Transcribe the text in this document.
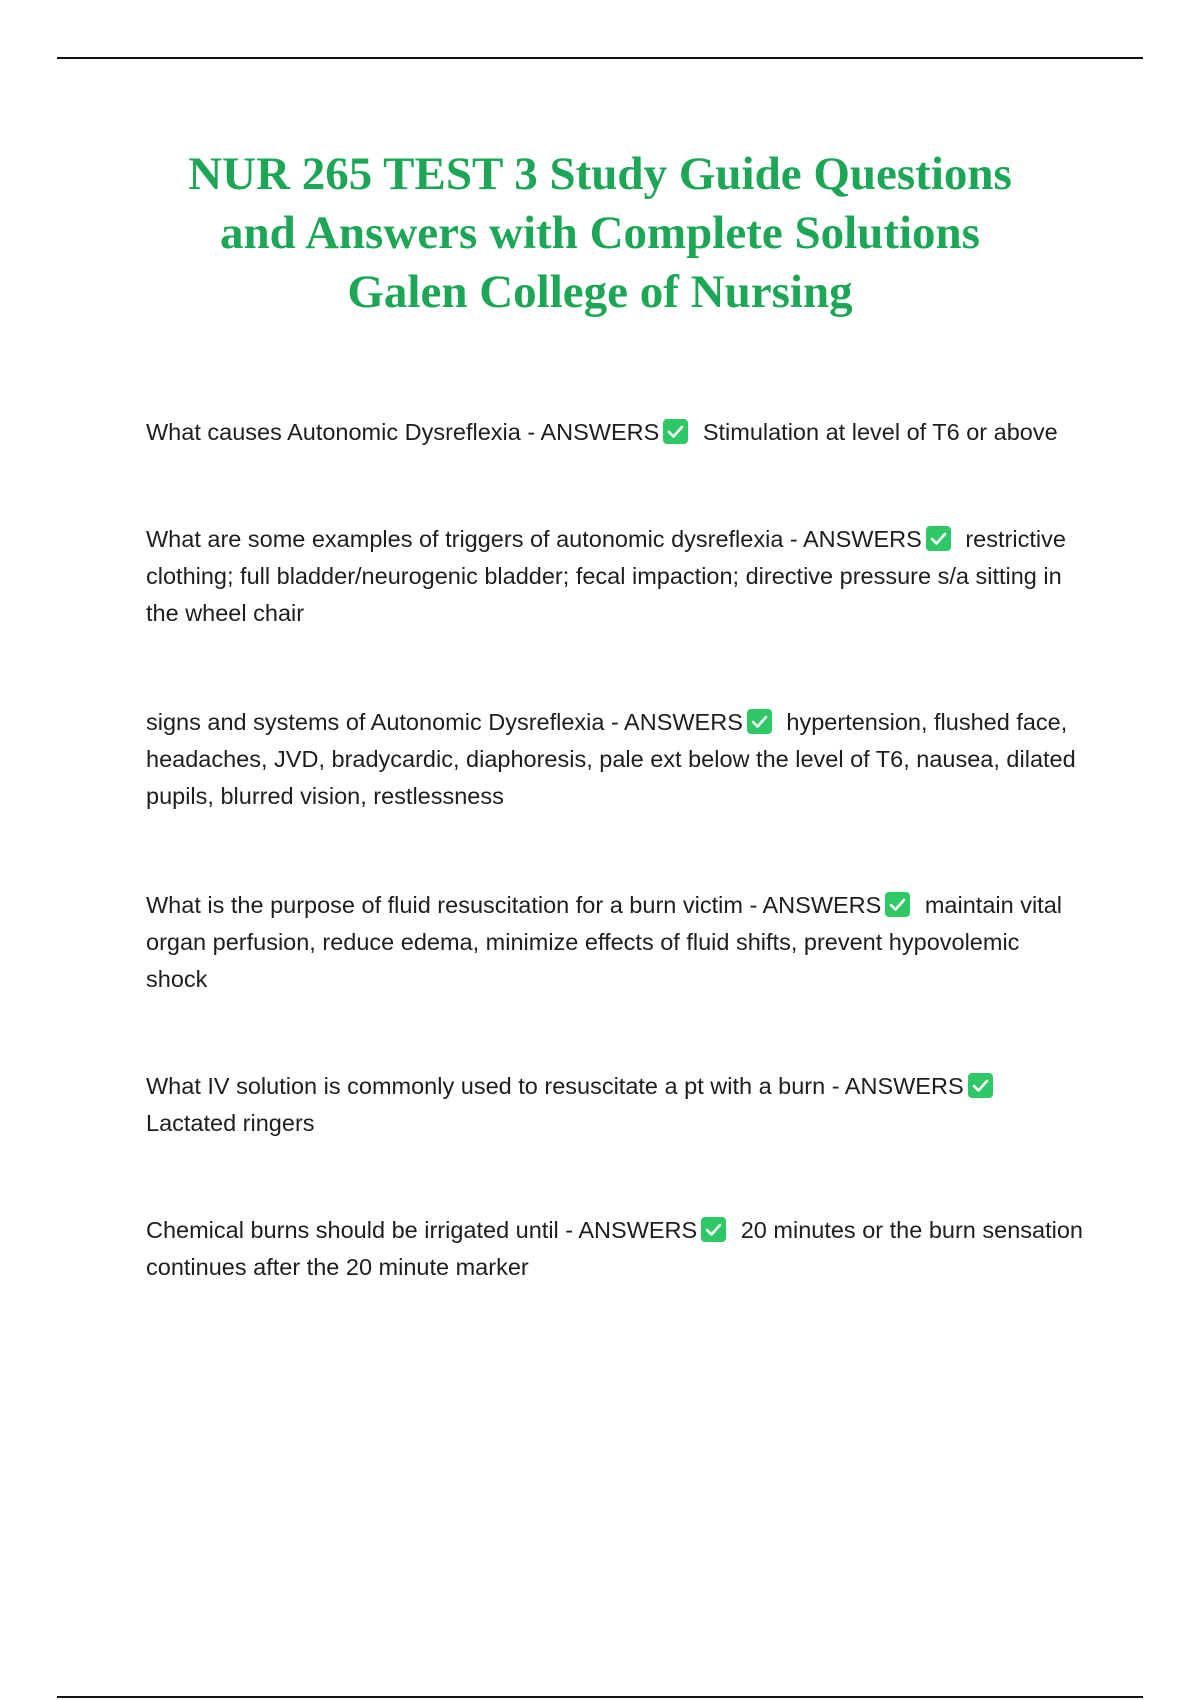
NUR 265 TEST 3 Study Guide Questions
and Answers with Complete Solutions
Galen College of Nursing
What causes Autonomic Dysreflexia - ANSWERS Stimulation at level of T6 or above
What are some examples of triggers of autonomic dysreflexia - ANSWERS restrictive clothing; full bladder/neurogenic bladder; fecal impaction; directive pressure s/a sitting in the wheel chair
signs and systems of Autonomic Dysreflexia - ANSWERS hypertension, flushed face, headaches, JVD, bradycardic, diaphoresis, pale ext below the level of T6, nausea, dilated pupils, blurred vision, restlessness
What is the purpose of fluid resuscitation for a burn victim - ANSWERS maintain vital organ perfusion, reduce edema, minimize effects of fluid shifts, prevent hypovolemic shock
What IV solution is commonly used to resuscitate a pt with a burn - ANSWERS
Lactated ringers
Chemical burns should be irrigated until - ANSWERS 20 minutes or the burn sensation continues after the 20 minute marker
